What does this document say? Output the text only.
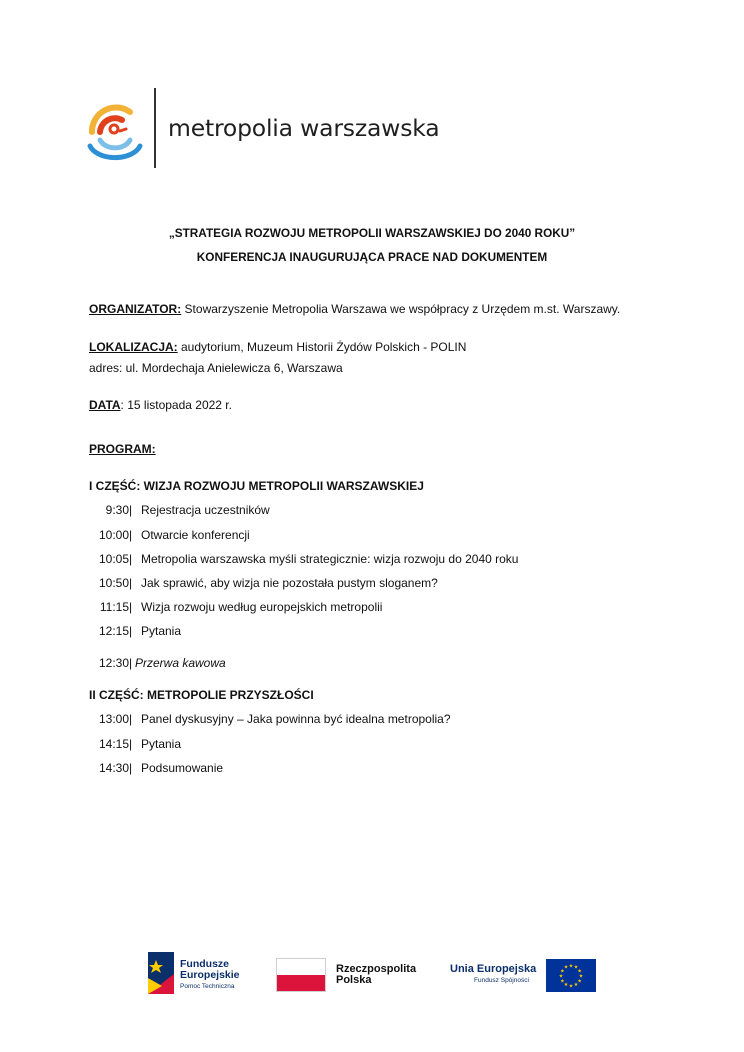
metropolia warszawska
„STRATEGIA ROZWOJU METROPOLII WARSZAWSKIEJ DO 2040 ROKU”
KONFERENCJA INAUGURUJĄCA PRACE NAD DOKUMENTEM
ORGANIZATOR: Stowarzyszenie Metropolia Warszawa we współpracy z Urzędem m.st. Warszawy.
LOKALIZACJA: audytorium, Muzeum Historii Żydów Polskich - POLIN
adres: ul. Mordechaja Anielewicza 6, Warszawa
DATA: 15 listopada 2022 r.
PROGRAM:
I CZĘŚĆ: WIZJA ROZWOJU METROPOLII WARSZAWSKIEJ
9:30| Rejestracja uczestników
10:00| Otwarcie konferencji
10:05| Metropolia warszawska myśli strategicznie: wizja rozwoju do 2040 roku
10:50| Jak sprawić, aby wizja nie pozostała pustym sloganem?
11:15| Wizja rozwoju według europejskich metropolii
12:15| Pytania
12:30| Przerwa kawowa
II CZĘŚĆ: METROPOLIE PRZYSZŁOŚCI
13:00| Panel dyskusyjny – Jaka powinna być idealna metropolia?
14:15| Pytania
14:30| Podsumowanie
Fundusze
Europejskie
Pomoc Techniczna
Rzeczpospolita
Polska
Unia Europejska
Fundusz Spójności
★ ★
★
★
★
★
★
★
★
★
★
★
